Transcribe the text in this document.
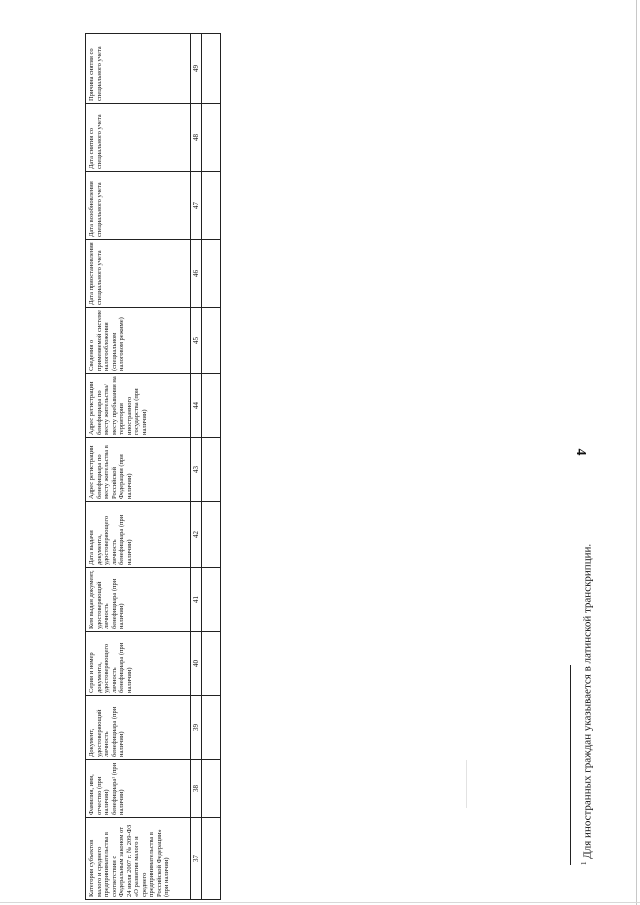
4
Категория субъектов малого и среднего предпринимательства в соответствии с Федеральным законом от 24 июля 2007 г. № 209-ФЗ «О развитии малого и среднего предпринимательства в Российской Федерации» (при наличии)	Фамилия, имя, отчество (при наличии) бенефициара¹ (при наличии)	Документ, удостоверяющий личность бенефициара (при наличии)	Серия и номер документа, удостоверяющего личность бенефициара (при наличии)	Кем выдан документ, удостоверяющий личность бенефициара (при наличии)	Дата выдачи документа, удостоверяющего личность бенефициара (при наличии)	Адрес регистрации бенефициара по месту жительства в Российской Федерации (при наличии)	Адрес регистрации бенефициара по месту жительства/ месту пребывания на территории иностранного государства (при наличии)	Сведения о применяемой системе налогообложения (специальном налоговом режиме)	Дата приостановления специального учета	Дата возобновления специального учета	Дата снятия со специального учета	Причина снятия со специального учета
37	38	39	40	41	42	43	44	45	46	47	48	49

$^1$ Для иностранных граждан указывается в латинской транскрипции.
